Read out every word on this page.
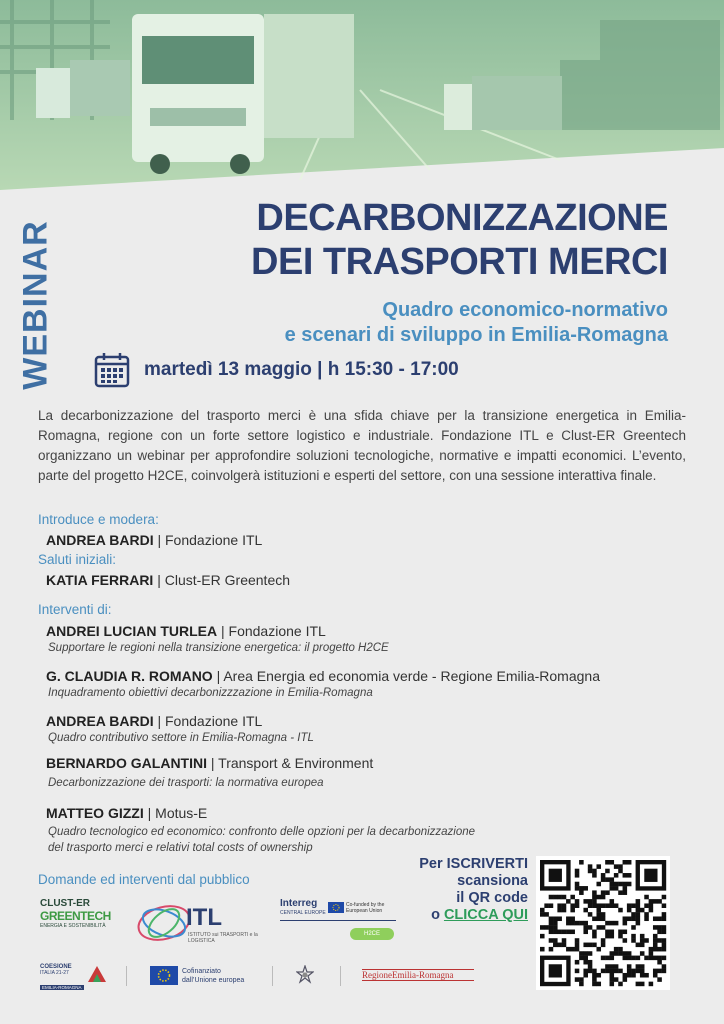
WEBINAR
DECARBONIZZAZIONE
DEI TRASPORTI MERCI
Quadro economico-normativo
e scenari di sviluppo in Emilia-Romagna
martedì 13 maggio | h 15:30 - 17:00
La decarbonizzazione del trasporto merci è una sfida chiave per la transizione energetica in Emilia-Romagna, regione con un forte settore logistico e industriale. Fondazione ITL e Clust-ER Greentech organizzano un webinar per approfondire soluzioni tecnologiche, normative e impatti economici. L’evento, parte del progetto H2CE, coinvolgerà istituzioni e esperti del settore, con una sessione interattiva finale.
Introduce e modera:
ANDREA BARDI | Fondazione ITL
Saluti iniziali:
KATIA FERRARI | Clust-ER Greentech
Interventi di:
ANDREI LUCIAN TURLEA | Fondazione ITL
Supportare le regioni nella transizione energetica: il progetto H2CE
G. CLAUDIA R. ROMANO | Area Energia ed economia verde - Regione Emilia-Romagna
Inquadramento obiettivi decarbonizzzazione in Emilia-Romagna
ANDREA BARDI | Fondazione ITL
Quadro contributivo settore in Emilia-Romagna - ITL
BERNARDO GALANTINI | Transport & Environment
Decarbonizzazione dei trasporti: la normativa europea
MATTEO GIZZI | Motus-E
Quadro tecnologico ed economico: confronto delle opzioni per la decarbonizzazione
del trasporto merci e relativi total costs of ownership
Domande ed interventi dal pubblico
Per ISCRIVERTI
scansiona
il QR code
o CLICCA QUI
CLUST-ER
GREENTECH
ENERGIA E SOSTENIBILITÀ	ITL
ISTITUTO sui TRASPORTI e la LOGISTICA
Interreg
CENTRAL EUROPE
Co-funded by the European Union
H2CE
COESIONE
ITALIA 21-27
EMILIA-ROMAGNA
Cofinanziato
dall’Unione europea
RegioneEmilia-Romagna
